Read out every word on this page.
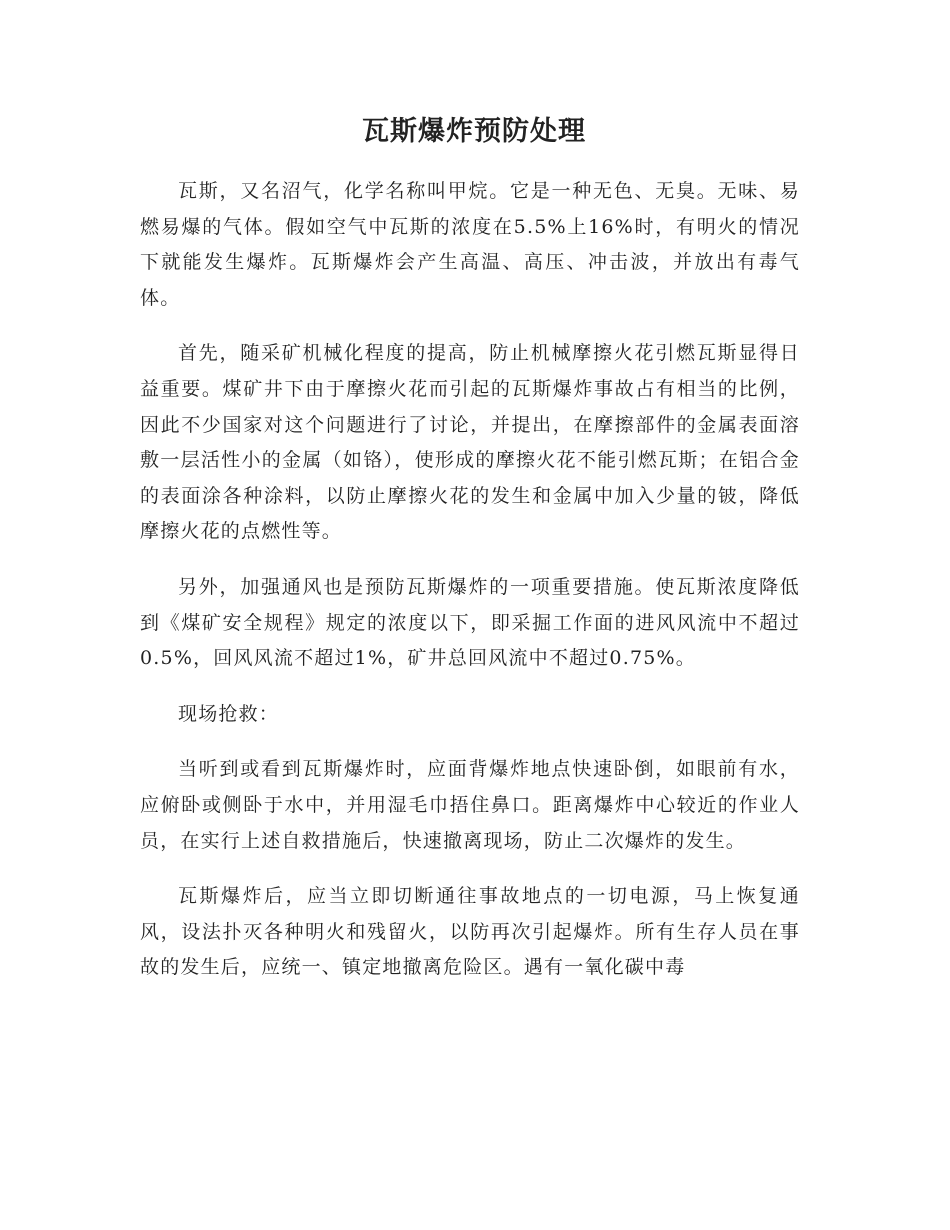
瓦斯爆炸预防处理

瓦斯，又名沼气，化学名称叫甲烷。它是一种无色、无臭。无味、易燃易爆的气体。假如空气中瓦斯的浓度在5.5%上16%时，有明火的情况下就能发生爆炸。瓦斯爆炸会产生高温、高压、冲击波，并放出有毒气体。

首先，随采矿机械化程度的提高，防止机械摩擦火花引燃瓦斯显得日益重要。煤矿井下由于摩擦火花而引起的瓦斯爆炸事故占有相当的比例，因此不少国家对这个问题进行了讨论，并提出，在摩擦部件的金属表面溶敷一层活性小的金属（如铬），使形成的摩擦火花不能引燃瓦斯；在铝合金的表面涂各种涂料，以防止摩擦火花的发生和金属中加入少量的铍，降低摩擦火花的点燃性等。

另外，加强通风也是预防瓦斯爆炸的一项重要措施。使瓦斯浓度降低到《煤矿安全规程》规定的浓度以下，即采掘工作面的进风风流中不超过0.5%，回风风流不超过1%，矿井总回风流中不超过0.75%。

现场抢救：

当听到或看到瓦斯爆炸时，应面背爆炸地点快速卧倒，如眼前有水，应俯卧或侧卧于水中，并用湿毛巾捂住鼻口。距离爆炸中心较近的作业人员，在实行上述自救措施后，快速撤离现场，防止二次爆炸的发生。

瓦斯爆炸后，应当立即切断通往事故地点的一切电源，马上恢复通风，设法扑灭各种明火和残留火，以防再次引起爆炸。所有生存人员在事故的发生后，应统一、镇定地撤离危险区。遇有一氧化碳中毒
